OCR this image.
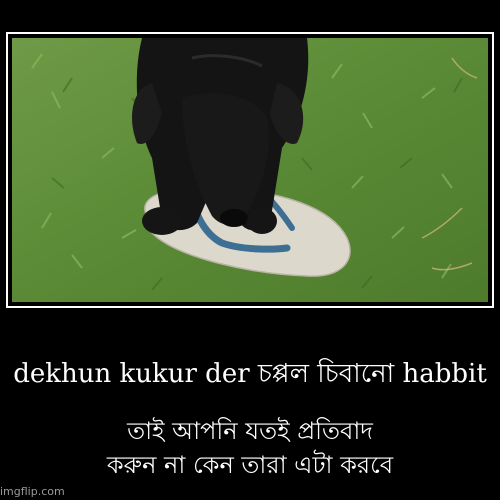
dekhun kukur der চপ্পল চিবানো habbit
তাই আপনি যতই প্রতিবাদ
করুন না কেন তারা এটা করবে
imgflip.com
